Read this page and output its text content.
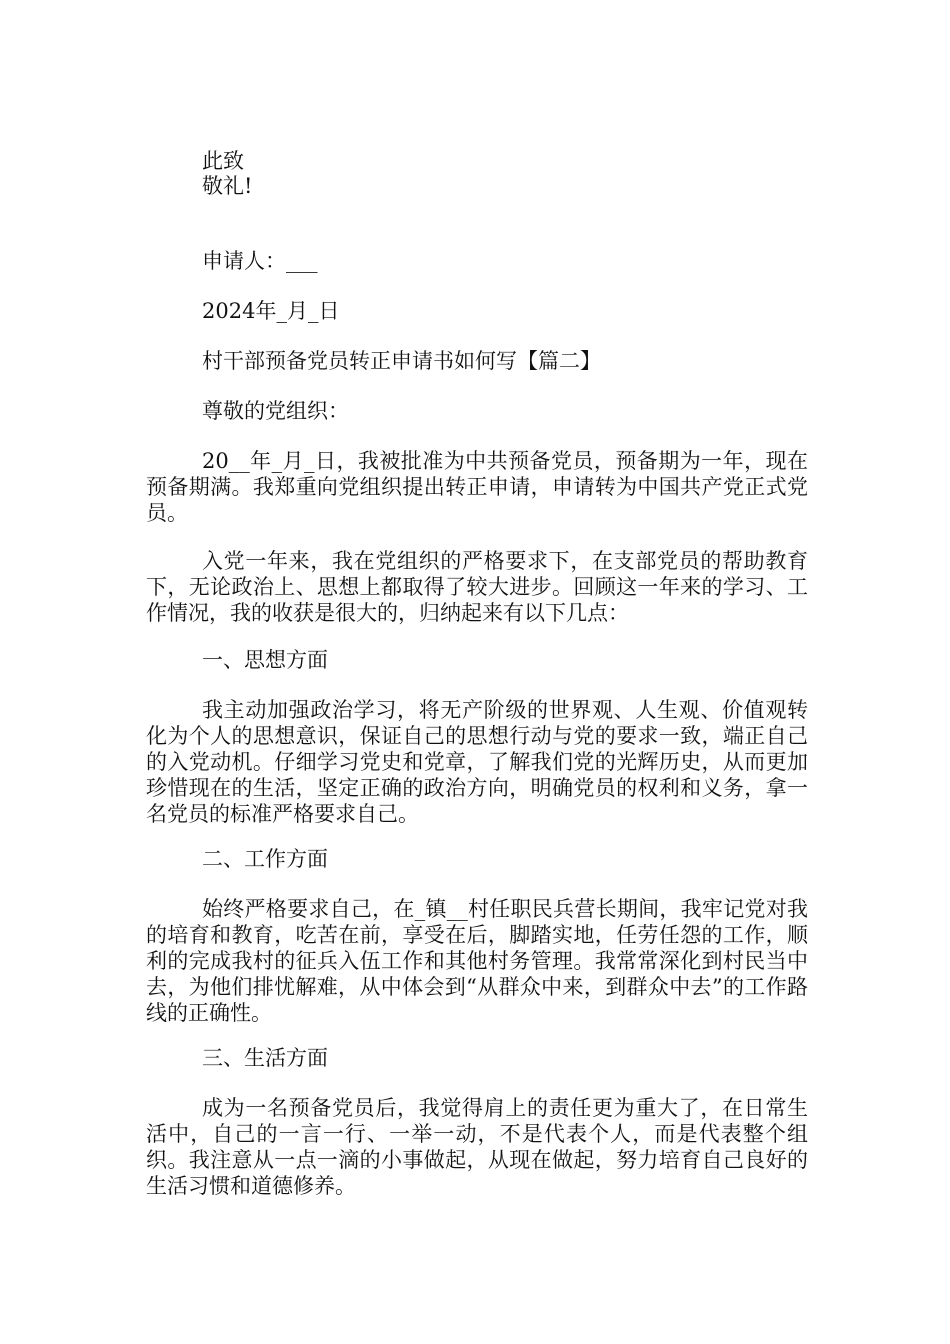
此致
敬礼!
申请人：___
2024年_月_日
村干部预备党员转正申请书如何写【篇二】
尊敬的党组织：
20__年_月_日，我被批准为中共预备党员，预备期为一年，现在预备期满。我郑重向党组织提出转正申请，申请转为中国共产党正式党员。
入党一年来，我在党组织的严格要求下，在支部党员的帮助教育下，无论政治上、思想上都取得了较大进步。回顾这一年来的学习、工作情况，我的收获是很大的，归纳起来有以下几点：
一、思想方面
我主动加强政治学习，将无产阶级的世界观、人生观、价值观转化为个人的思想意识，保证自己的思想行动与党的要求一致，端正自己的入党动机。仔细学习党史和党章，了解我们党的光辉历史，从而更加珍惜现在的生活，坚定正确的政治方向，明确党员的权利和义务，拿一名党员的标准严格要求自己。
二、工作方面
始终严格要求自己，在_镇__村任职民兵营长期间，我牢记党对我的培育和教育，吃苦在前，享受在后，脚踏实地，任劳任怨的工作，顺利的完成我村的征兵入伍工作和其他村务管理。我常常深化到村民当中去，为他们排忧解难，从中体会到“从群众中来，到群众中去”的工作路线的正确性。
三、生活方面
成为一名预备党员后，我觉得肩上的责任更为重大了，在日常生活中，自己的一言一行、一举一动，不是代表个人，而是代表整个组织。我注意从一点一滴的小事做起，从现在做起，努力培育自己良好的生活习惯和道德修养。
